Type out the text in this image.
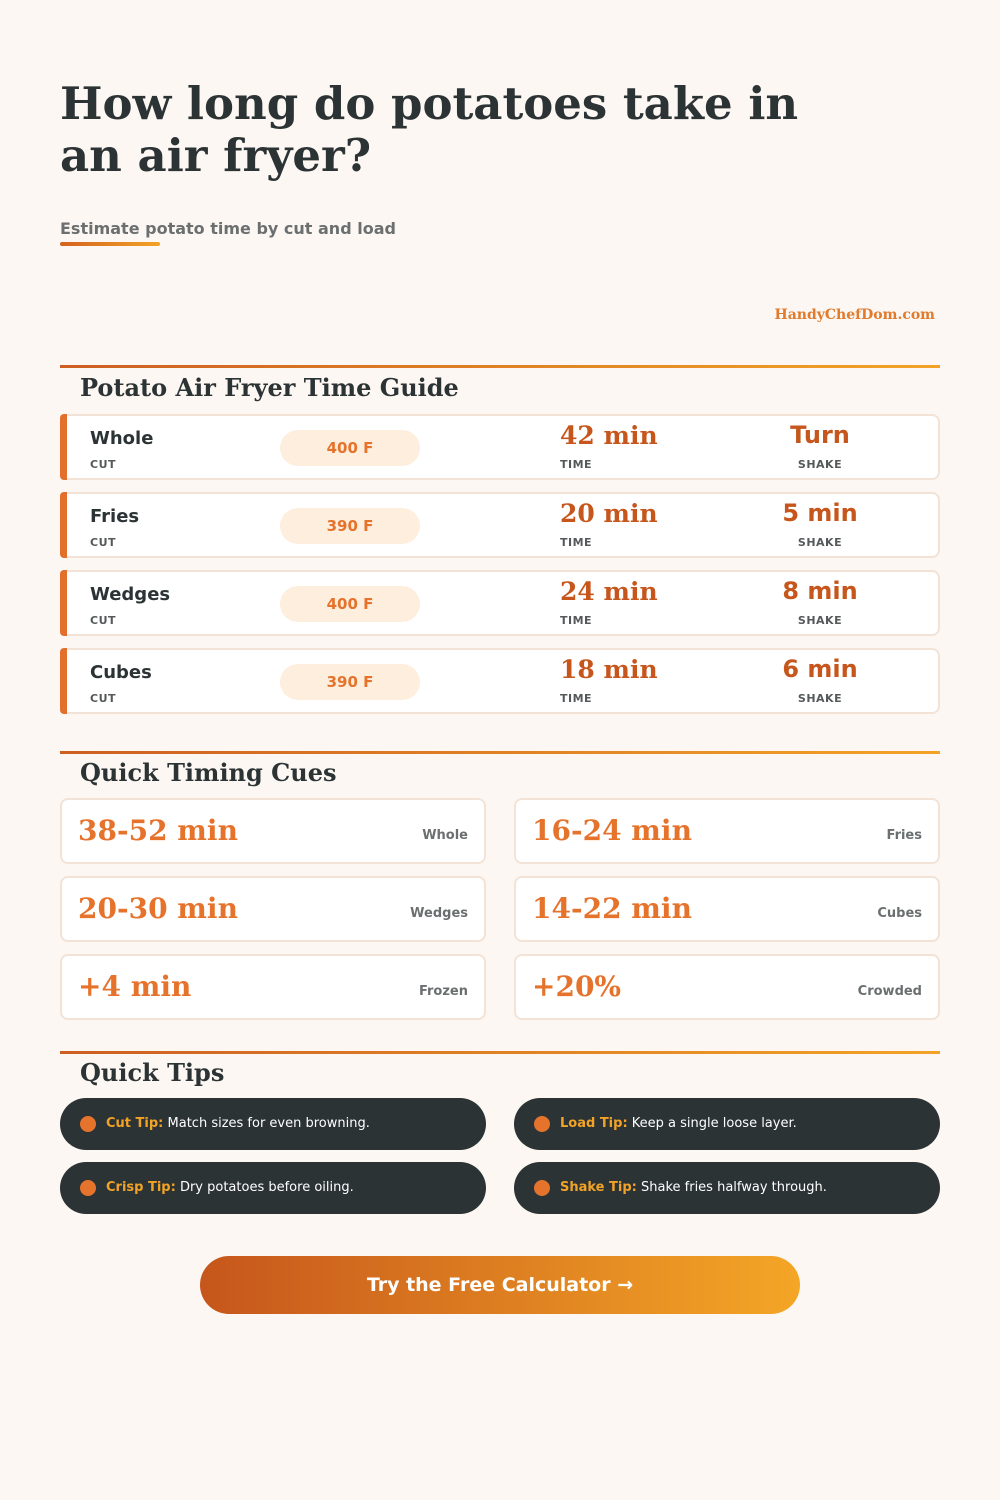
How long do potatoes take in an air fryer?

Estimate potato time by cut and load

HandyChefDom.com
Potato Air Fryer Time Guide
Whole
CUT
400 F	42 min
TIME
Turn
SHAKE
Fries
CUT
390 F	20 min
TIME
5 min
SHAKE
Wedges
CUT
400 F	24 min
TIME
8 min
SHAKE
Cubes
CUT
390 F	18 min
TIME
6 min
SHAKE
Quick Timing Cues
38-52 min	Whole 16-24 min	Fries
20-30 min	Wedges 14-22 min	Cubes
+4 min	Frozen +20%	Crowded
Quick Tips
Cut Tip: Match sizes for even browning.	Load Tip: Keep a single loose layer.
Crisp Tip: Dry potatoes before oiling.	Shake Tip: Shake fries halfway through.
Try the Free Calculator →
